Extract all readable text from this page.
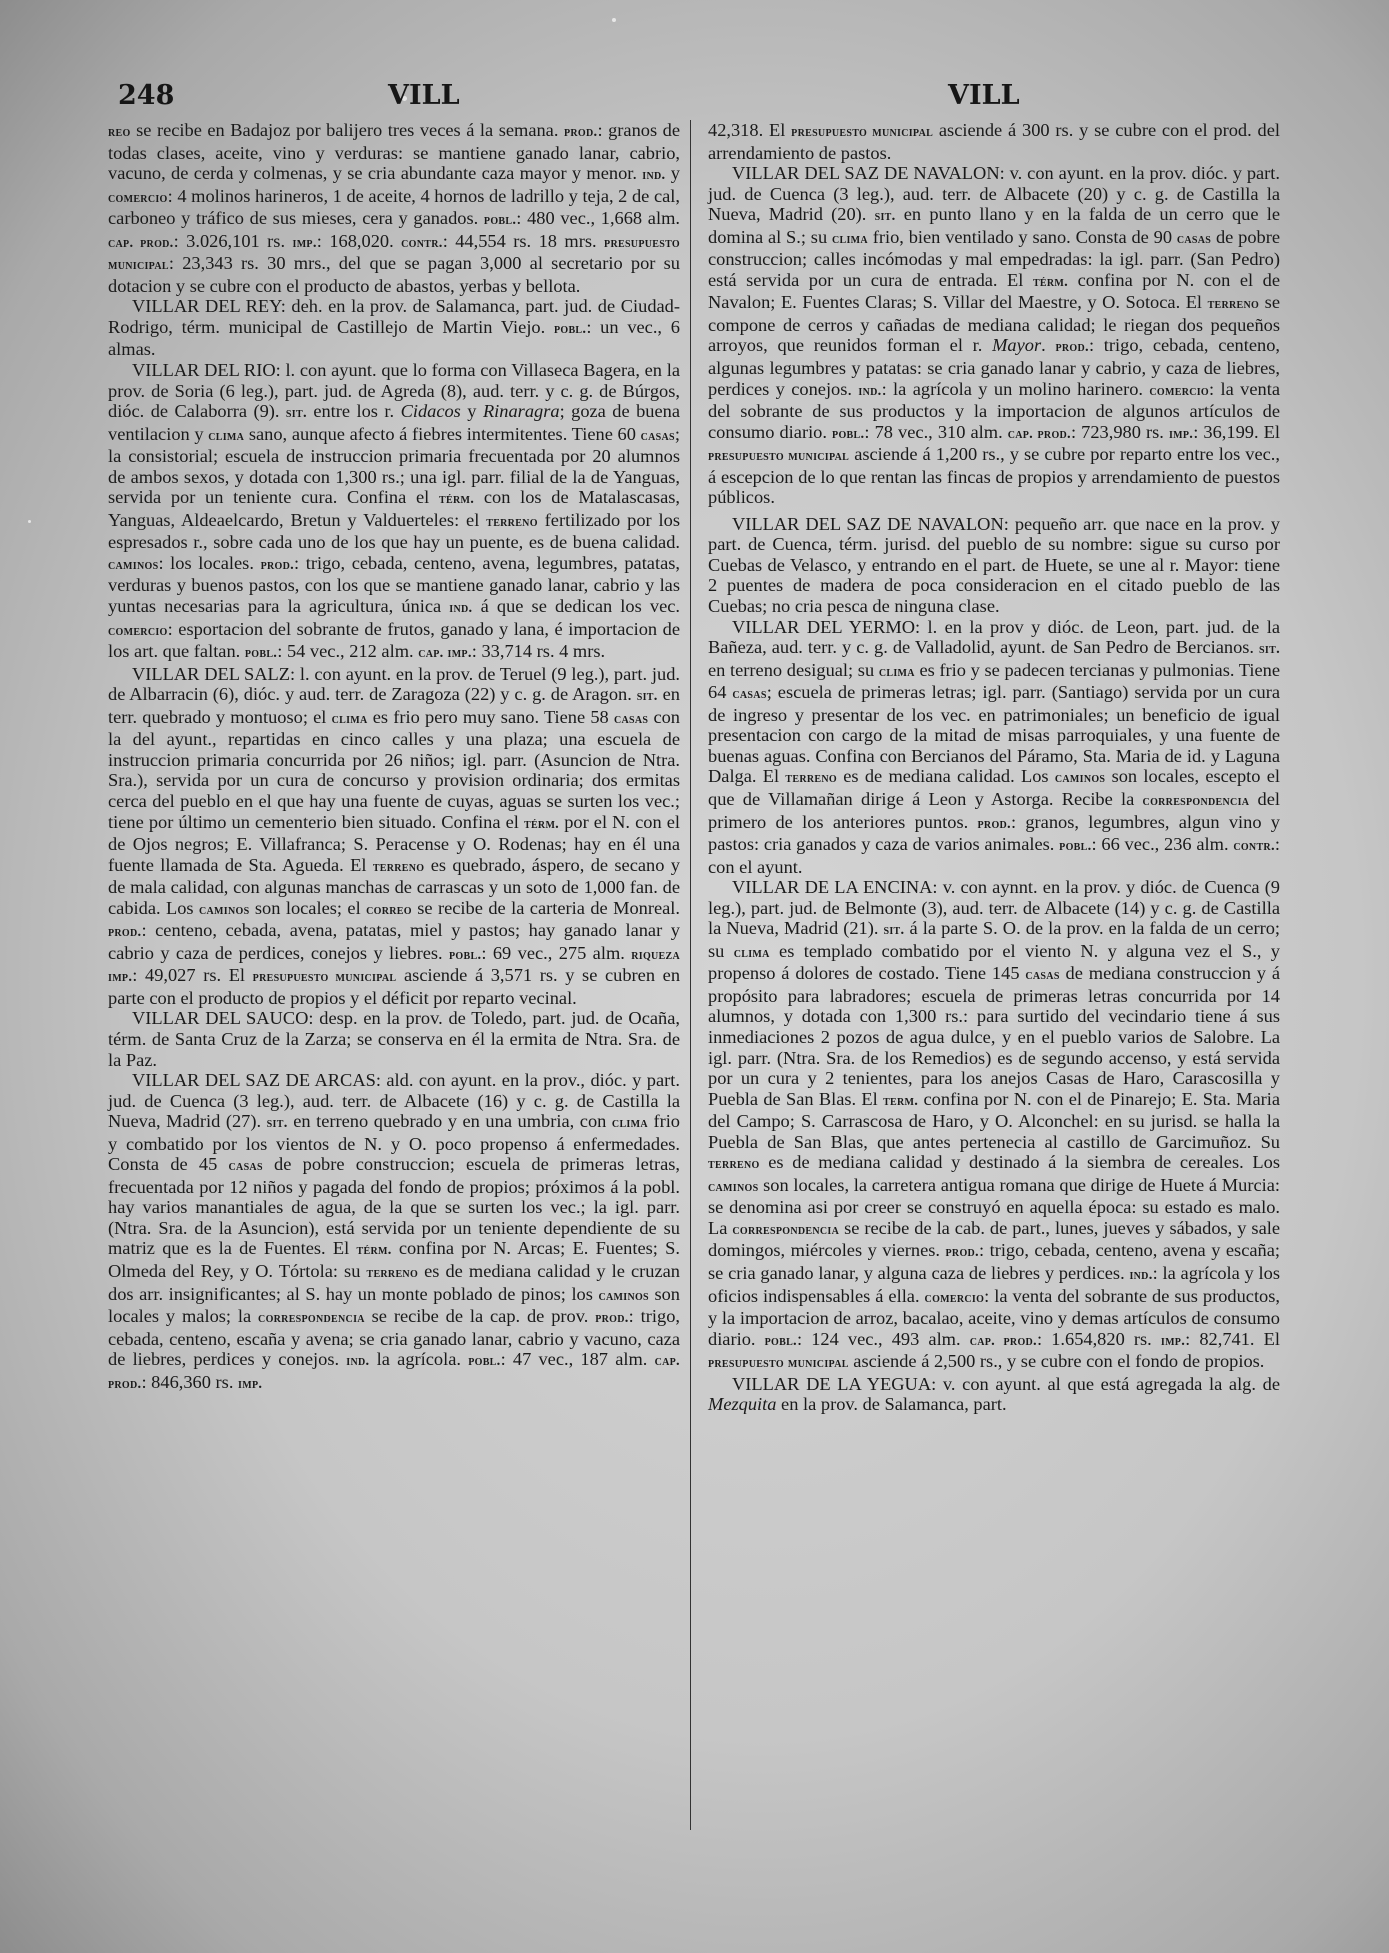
248	VILL	VILL

reo se recibe en Badajoz por balijero tres veces á la semana. prod.: granos de todas clases, aceite, vino y verduras: se mantiene ganado lanar, cabrio, vacuno, de cerda y colmenas, y se cria abundante caza mayor y menor. ind. y comercio: 4 molinos harineros, 1 de aceite, 4 hornos de ladrillo y teja, 2 de cal, carboneo y tráfico de sus mieses, cera y ganados. pobl.: 480 vec., 1,668 alm. cap. prod.: 3.026,101 rs. imp.: 168,020. contr.: 44,554 rs. 18 mrs. presupuesto municipal: 23,343 rs. 30 mrs., del que se pagan 3,000 al secretario por su dotacion y se cubre con el producto de abastos, yerbas y bellota.

VILLAR DEL REY: deh. en la prov. de Salamanca, part. jud. de Ciudad-Rodrigo, térm. municipal de Castillejo de Martin Viejo. pobl.: un vec., 6 almas.

VILLAR DEL RIO: l. con ayunt. que lo forma con Villaseca Bagera, en la prov. de Soria (6 leg.), part. jud. de Agreda (8), aud. terr. y c. g. de Búrgos, dióc. de Calaborra (9). sit. entre los r. Cidacos y Rinaragra; goza de buena ventilacion y clima sano, aunque afecto á fiebres intermitentes. Tiene 60 casas; la consistorial; escuela de instruccion primaria frecuentada por 20 alumnos de ambos sexos, y dotada con 1,300 rs.; una igl. parr. filial de la de Yanguas, servida por un teniente cura. Confina el térm. con los de Matalascasas, Yanguas, Aldeaelcardo, Bretun y Valduerteles: el terreno fertilizado por los espresados r., sobre cada uno de los que hay un puente, es de buena calidad. caminos: los locales. prod.: trigo, cebada, centeno, avena, legumbres, patatas, verduras y buenos pastos, con los que se mantiene ganado lanar, cabrio y las yuntas necesarias para la agricultura, única ind. á que se dedican los vec. comercio: esportacion del sobrante de frutos, ganado y lana, é importacion de los art. que faltan. pobl.: 54 vec., 212 alm. cap. imp.: 33,714 rs. 4 mrs.

VILLAR DEL SALZ: l. con ayunt. en la prov. de Teruel (9 leg.), part. jud. de Albarracin (6), dióc. y aud. terr. de Zaragoza (22) y c. g. de Aragon. sit. en terr. quebrado y montuoso; el clima es frio pero muy sano. Tiene 58 casas con la del ayunt., repartidas en cinco calles y una plaza; una escuela de instruccion primaria concurrida por 26 niños; igl. parr. (Asuncion de Ntra. Sra.), servida por un cura de concurso y provision ordinaria; dos ermitas cerca del pueblo en el que hay una fuente de cuyas, aguas se surten los vec.; tiene por último un cementerio bien situado. Confina el térm. por el N. con el de Ojos negros; E. Villafranca; S. Peracense y O. Rodenas; hay en él una fuente llamada de Sta. Agueda. El terreno es quebrado, áspero, de secano y de mala calidad, con algunas manchas de carrascas y un soto de 1,000 fan. de cabida. Los caminos son locales; el correo se recibe de la carteria de Monreal. prod.: centeno, cebada, avena, patatas, miel y pastos; hay ganado lanar y cabrio y caza de perdices, conejos y liebres. pobl.: 69 vec., 275 alm. riqueza imp.: 49,027 rs. El presupuesto municipal asciende á 3,571 rs. y se cubren en parte con el producto de propios y el déficit por reparto vecinal.

VILLAR DEL SAUCO: desp. en la prov. de Toledo, part. jud. de Ocaña, térm. de Santa Cruz de la Zarza; se conserva en él la ermita de Ntra. Sra. de la Paz.

VILLAR DEL SAZ DE ARCAS: ald. con ayunt. en la prov., dióc. y part. jud. de Cuenca (3 leg.), aud. terr. de Albacete (16) y c. g. de Castilla la Nueva, Madrid (27). sit. en terreno quebrado y en una umbria, con clima frio y combatido por los vientos de N. y O. poco propenso á enfermedades. Consta de 45 casas de pobre construccion; escuela de primeras letras, frecuentada por 12 niños y pagada del fondo de propios; próximos á la pobl. hay varios manantiales de agua, de la que se surten los vec.; la igl. parr. (Ntra. Sra. de la Asuncion), está servida por un teniente dependiente de su matriz que es la de Fuentes. El térm. confina por N. Arcas; E. Fuentes; S. Olmeda del Rey, y O. Tórtola: su terreno es de mediana calidad y le cruzan dos arr. insignificantes; al S. hay un monte poblado de pinos; los caminos son locales y malos; la correspondencia se recibe de la cap. de prov. prod.: trigo, cebada, centeno, escaña y avena; se cria ganado lanar, cabrio y vacuno, caza de liebres, perdices y conejos. ind. la agrícola. pobl.: 47 vec., 187 alm. cap. prod.: 846,360 rs. imp.

42,318. El presupuesto municipal asciende á 300 rs. y se cubre con el prod. del arrendamiento de pastos.

VILLAR DEL SAZ DE NAVALON: v. con ayunt. en la prov. dióc. y part. jud. de Cuenca (3 leg.), aud. terr. de Albacete (20) y c. g. de Castilla la Nueva, Madrid (20). sit. en punto llano y en la falda de un cerro que le domina al S.; su clima frio, bien ventilado y sano. Consta de 90 casas de pobre construccion; calles incómodas y mal empedradas: la igl. parr. (San Pedro) está servida por un cura de entrada. El térm. confina por N. con el de Navalon; E. Fuentes Claras; S. Villar del Maestre, y O. Sotoca. El terreno se compone de cerros y cañadas de mediana calidad; le riegan dos pequeños arroyos, que reunidos forman el r. Mayor. prod.: trigo, cebada, centeno, algunas legumbres y patatas: se cria ganado lanar y cabrio, y caza de liebres, perdices y conejos. ind.: la agrícola y un molino harinero. comercio: la venta del sobrante de sus productos y la importacion de algunos artículos de consumo diario. pobl.: 78 vec., 310 alm. cap. prod.: 723,980 rs. imp.: 36,199. El presupuesto municipal asciende á 1,200 rs., y se cubre por reparto entre los vec., á escepcion de lo que rentan las fincas de propios y arrendamiento de puestos públicos.

VILLAR DEL SAZ DE NAVALON: pequeño arr. que nace en la prov. y part. de Cuenca, térm. jurisd. del pueblo de su nombre: sigue su curso por Cuebas de Velasco, y entrando en el part. de Huete, se une al r. Mayor: tiene 2 puentes de madera de poca consideracion en el citado pueblo de las Cuebas; no cria pesca de ninguna clase.

VILLAR DEL YERMO: l. en la prov y dióc. de Leon, part. jud. de la Bañeza, aud. terr. y c. g. de Valladolid, ayunt. de San Pedro de Bercianos. sit. en terreno desigual; su clima es frio y se padecen tercianas y pulmonias. Tiene 64 casas; escuela de primeras letras; igl. parr. (Santiago) servida por un cura de ingreso y presentar de los vec. en patrimoniales; un beneficio de igual presentacion con cargo de la mitad de misas parroquiales, y una fuente de buenas aguas. Confina con Bercianos del Páramo, Sta. Maria de id. y Laguna Dalga. El terreno es de mediana calidad. Los caminos son locales, escepto el que de Villamañan dirige á Leon y Astorga. Recibe la correspondencia del primero de los anteriores puntos. prod.: granos, legumbres, algun vino y pastos: cria ganados y caza de varios animales. pobl.: 66 vec., 236 alm. contr.: con el ayunt.

VILLAR DE LA ENCINA: v. con aynnt. en la prov. y dióc. de Cuenca (9 leg.), part. jud. de Belmonte (3), aud. terr. de Albacete (14) y c. g. de Castilla la Nueva, Madrid (21). sit. á la parte S. O. de la prov. en la falda de un cerro; su clima es templado combatido por el viento N. y alguna vez el S., y propenso á dolores de costado. Tiene 145 casas de mediana construccion y á propósito para labradores; escuela de primeras letras concurrida por 14 alumnos, y dotada con 1,300 rs.: para surtido del vecindario tiene á sus inmediaciones 2 pozos de agua dulce, y en el pueblo varios de Salobre. La igl. parr. (Ntra. Sra. de los Remedios) es de segundo accenso, y está servida por un cura y 2 tenientes, para los anejos Casas de Haro, Carascosilla y Puebla de San Blas. El term. confina por N. con el de Pinarejo; E. Sta. Maria del Campo; S. Carrascosa de Haro, y O. Alconchel: en su jurisd. se halla la Puebla de San Blas, que antes pertenecia al castillo de Garcimuñoz. Su terreno es de mediana calidad y destinado á la siembra de cereales. Los caminos son locales, la carretera antigua romana que dirige de Huete á Murcia: se denomina asi por creer se construyó en aquella época: su estado es malo. La correspondencia se recibe de la cab. de part., lunes, jueves y sábados, y sale domingos, miércoles y viernes. prod.: trigo, cebada, centeno, avena y escaña; se cria ganado lanar, y alguna caza de liebres y perdices. ind.: la agrícola y los oficios indispensables á ella. comercio: la venta del sobrante de sus productos, y la importacion de arroz, bacalao, aceite, vino y demas artículos de consumo diario. pobl.: 124 vec., 493 alm. cap. prod.: 1.654,820 rs. imp.: 82,741. El presupuesto municipal asciende á 2,500 rs., y se cubre con el fondo de propios.

VILLAR DE LA YEGUA: v. con ayunt. al que está agregada la alg. de Mezquita en la prov. de Salamanca, part.
